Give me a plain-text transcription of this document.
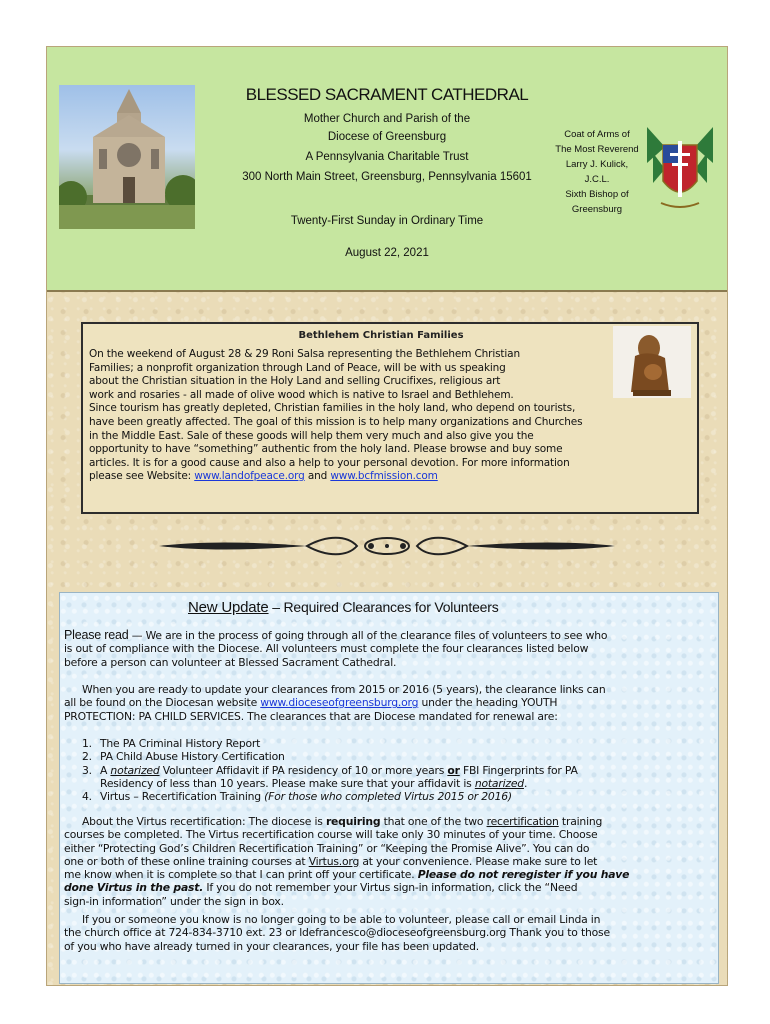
BLESSED SACRAMENT CATHEDRAL
Mother Church and Parish of the
Diocese of Greensburg
A Pennsylvania Charitable Trust
300 North Main Street, Greensburg, Pennsylvania 15601
Twenty-First Sunday in Ordinary Time
August 22, 2021
Coat of Arms of
The Most Reverend
Larry J. Kulick,
J.C.L.
Sixth Bishop of
Greensburg
Bethlehem Christian Families
On the weekend of August 28 & 29 Roni Salsa representing the Bethlehem Christian
Families; a nonprofit organization through Land of Peace, will be with us speaking
about the Christian situation in the Holy Land and selling Crucifixes, religious art
work and rosaries - all made of olive wood which is native to Israel and Bethlehem.
Since tourism has greatly depleted, Christian families in the holy land, who depend on tourists,
have been greatly affected. The goal of this mission is to help many organizations and Churches
in the Middle East. Sale of these goods will help them very much and also give you the
opportunity to have “something” authentic from the holy land. Please browse and buy some
articles. It is for a good cause and also a help to your personal devotion. For more information
please see Website: www.landofpeace.org and www.bcfmission.com
New Update – Required Clearances for Volunteers
Please read — We are in the process of going through all of the clearance files of volunteers to see who
is out of compliance with the Diocese. All volunteers must complete the four clearances listed below
before a person can volunteer at Blessed Sacrament Cathedral.
When you are ready to update your clearances from 2015 or 2016 (5 years), the clearance links can
all be found on the Diocesan website www.dioceseofgreensburg.org under the heading YOUTH
PROTECTION: PA CHILD SERVICES. The clearances that are Diocese mandated for renewal are:
1. The PA Criminal History Report
2. PA Child Abuse History Certification
3. A notarized Volunteer Affidavit if PA residency of 10 or more years or FBI Fingerprints for PA
Residency of less than 10 years. Please make sure that your affidavit is notarized.
4. Virtus – Recertification Training (For those who completed Virtus 2015 or 2016)
About the Virtus recertification: The diocese is requiring that one of the two recertification training
courses be completed. The Virtus recertification course will take only 30 minutes of your time. Choose
either “Protecting God’s Children Recertification Training” or “Keeping the Promise Alive”. You can do
one or both of these online training courses at Virtus.org at your convenience. Please make sure to let
me know when it is complete so that I can print off your certificate. Please do not reregister if you have
done Virtus in the past. If you do not remember your Virtus sign-in information, click the “Need
sign-in information” under the sign in box.
If you or someone you know is no longer going to be able to volunteer, please call or email Linda in
the church office at 724-834-3710 ext. 23 or ldefrancesco@dioceseofgreensburg.org Thank you to those
of you who have already turned in your clearances, your file has been updated.
